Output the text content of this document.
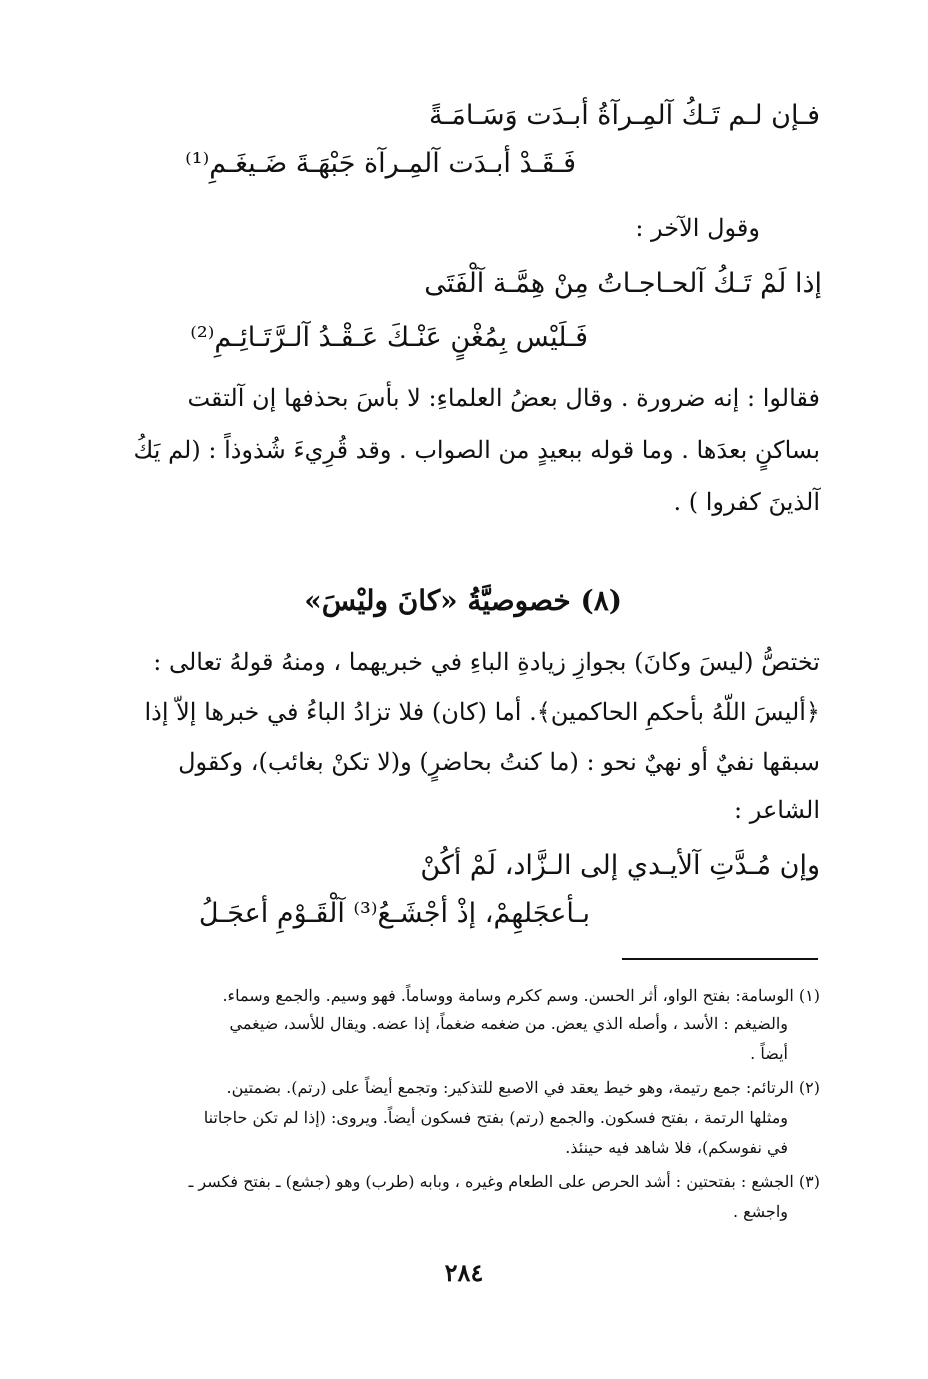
فـإن لـم تَـكُ آلمِـرآةُ أبـدَت وَسَـامَـةً
فَـقَـدْ أبـدَت آلمِـرآة جَبْهَـةَ ضَـيغَـمِ⁽¹⁾
وقول الآخر :
إذا لَمْ تَـكُ آلحـاجـاتُ مِنْ هِمَّـة آلْفَتَى
فَـلَيْس بِمُغْنٍ عَنْـكَ عَـقْـدُ آلـرَّتَـائِـمِ⁽²⁾
فقالوا : إنه ضرورة . وقال بعضُ العلماءِ: لا بأسَ بحذفها إن آلتقت
بساكنٍ بعدَها . وما قوله ببعيدٍ من الصواب . وقد قُرِيءَ شُذوذاً : (لم يَكُ
آلذينَ كفروا ) .
(٨) خصوصيَّةُ «كانَ وليْسَ»
تختصُّ (ليسَ وكانَ) بجوازِ زيادةِ الباءِ في خبريهما ، ومنهُ قولهُ تعالى :
﴿أليسَ اللّهُ بأحكمِ الحاكمين﴾. أما (كان) فلا تزادُ الباءُ في خبرها إلاّ إذا
سبقها نفيٌ أو نهيٌ نحو : (ما كنتُ بحاضرٍ) و(لا تكنْ بغائب)، وكقول
الشاعر :
وإن مُـدَّتِ آلأيـدي إلى الـزَّاد، لَمْ أكُنْ
بـأعجَلهِمْ، إذْ أجْشَـعُ⁽³⁾ آلْقَـوْمِ أعجَـلُ
(١) الوسامة: بفتح الواو، أثر الحسن. وسم ككرم وسامة ووساماً. فهو وسيم. والجمع وسماء.
والضيغم : الأسد ، وأصله الذي يعض. من ضغمه ضغماً، إذا عضه. ويقال للأسد، ضيغمي
أيضاً .
(٢) الرتائم: جمع رتيمة، وهو خيط يعقد في الاصبع للتذكير: وتجمع أيضاً على (رتم). بضمتين.
ومثلها الرتمة ، بفتح فسكون. والجمع (رتم) بفتح فسكون أيضاً. ويروى: (إذا لم تكن حاجاتنا
في نفوسكم)، فلا شاهد فيه حينئذ.
(٣) الجشع : بفتحتين : أشد الحرص على الطعام وغيره ، وبابه (طرب) وهو (جشع) ـ بفتح فكسر ـ
واجشع .
٢٨٤
